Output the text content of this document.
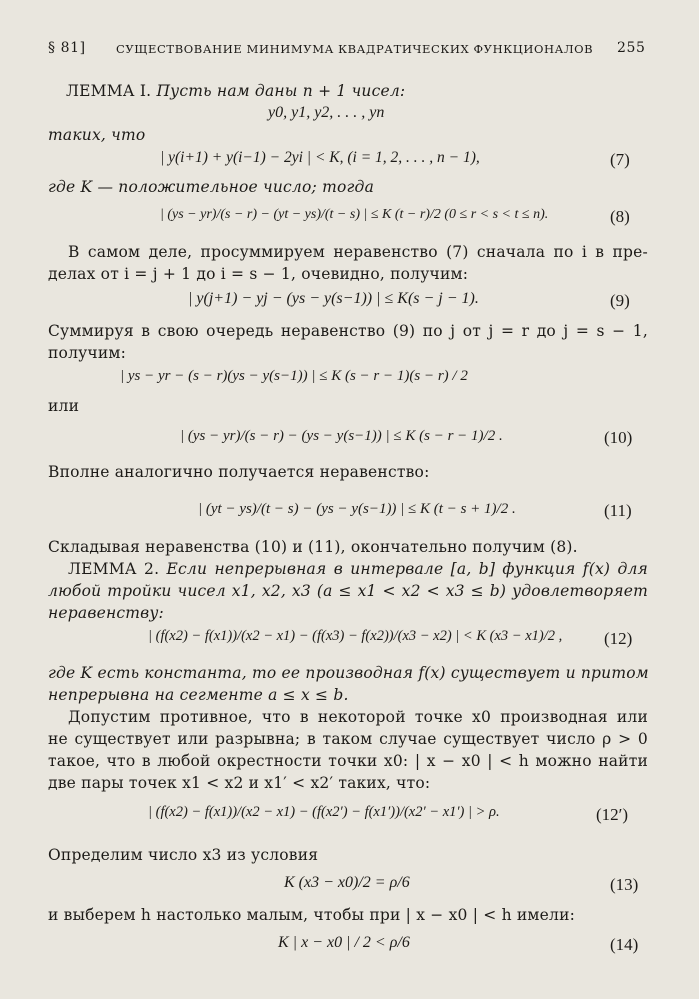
§ 81]	СУЩЕСТВОВАНИЕ МИНИМУМА КВАДРАТИЧЕСКИХ ФУНКЦИОНАЛОВ 255
ЛЕММА I. Пусть нам даны n + 1 чисел:
y0, y1, y2, . . . , yn
таких, что
| y(i+1) + y(i−1) − 2yi | < K, (i = 1, 2, . . . , n − 1),	(7)
где K — положительное число; тогда
| (ys − yr)/(s − r) − (yt − ys)/(t − s) | ≤ K (t − r)/2 (0 ≤ r < s < t ≤ n).	(8)
В самом деле, просуммируем неравенство (7) сначала по i в пре-
делах от i = j + 1 до i = s − 1, очевидно, получим:
| y(j+1) − yj − (ys − y(s−1)) | ≤ K(s − j − 1).	(9)
Суммируя в свою очередь неравенство (9) по j от j = r до j = s − 1,
получим:
| ys − yr − (s − r)(ys − y(s−1)) | ≤ K (s − r − 1)(s − r) / 2
или
| (ys − yr)/(s − r) − (ys − y(s−1)) | ≤ K (s − r − 1)/2 .	(10)
Вполне аналогично получается неравенство:
| (yt − ys)/(t − s) − (ys − y(s−1)) | ≤ K (t − s + 1)/2 .	(11)
Складывая неравенства (10) и (11), окончательно получим (8).
ЛЕММА 2. Если непрерывная в интервале [a, b] функция f(x) для
любой тройки чисел x1, x2, x3 (a ≤ x1 < x2 < x3 ≤ b) удовлетворяет
неравенству:
| (f(x2) − f(x1))/(x2 − x1) − (f(x3) − f(x2))/(x3 − x2) | < K (x3 − x1)/2 , (12)
где K есть константа, то ее производная f(x) существует и притом
непрерывна на сегменте a ≤ x ≤ b.
Допустим противное, что в некоторой точке x0 производная или
не существует или разрывна; в таком случае существует число ρ > 0
такое, что в любой окрестности точки x0: | x − x0 | < h можно найти
две пары точек x1 < x2 и x1′ < x2′ таких, что:
| (f(x2) − f(x1))/(x2 − x1) − (f(x2′) − f(x1′))/(x2′ − x1′) | > ρ.	(12′)
Определим число x3 из условия
K (x3 − x0)/2 = ρ/6	(13)
и выберем h настолько малым, чтобы при | x − x0 | < h имели:
K | x − x0 | / 2 < ρ/6	(14)
